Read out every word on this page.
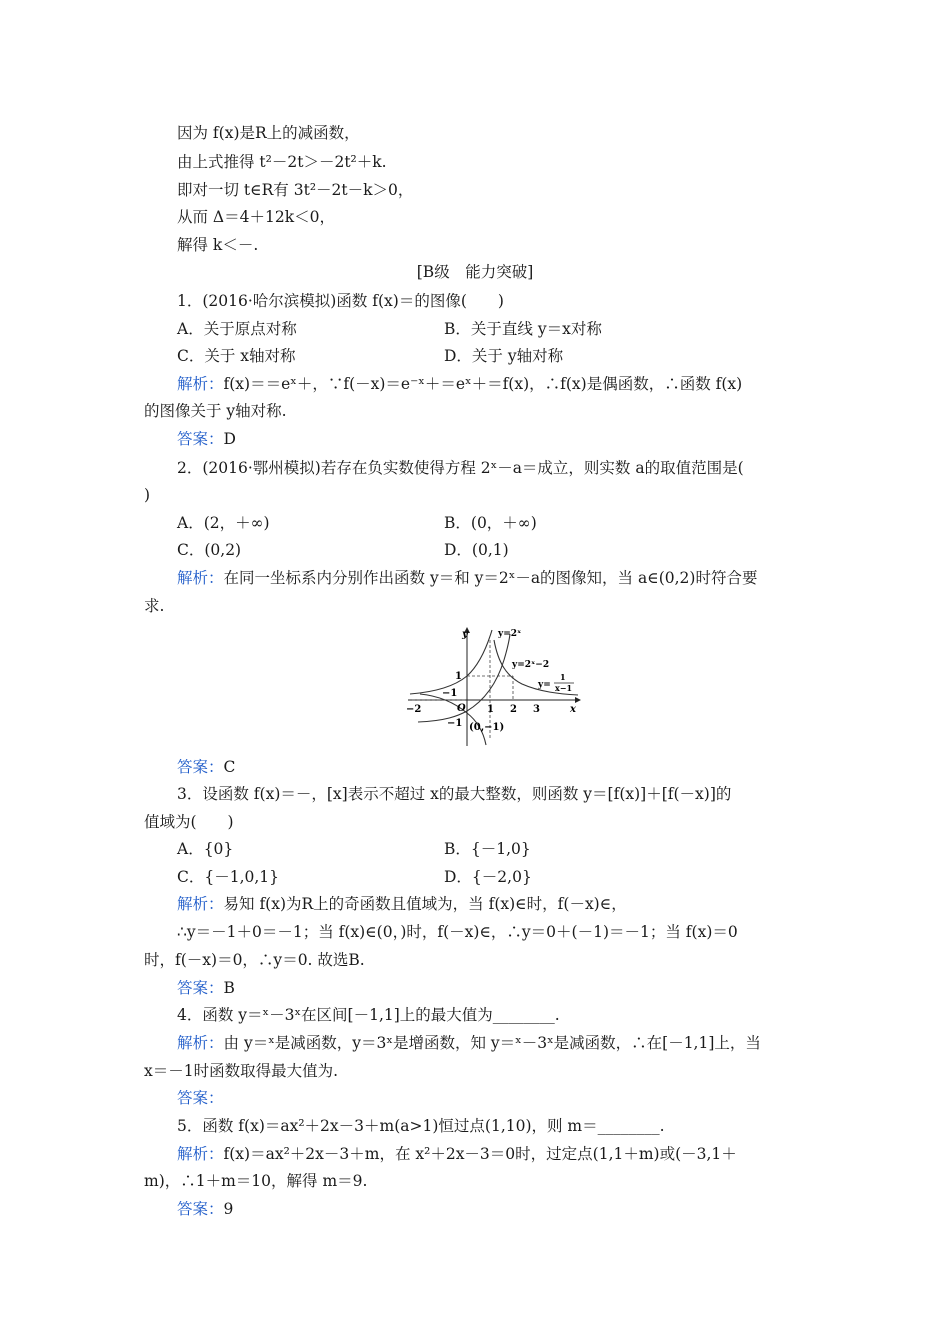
因为 f(x)是R上的减函数，
由上式推得 t²－2t＞－2t²＋k.
即对一切 t∈R有 3t²－2t－k＞0，
从而 Δ＝4＋12k＜0，
解得 k＜－.
[B级　能力突破]
1．(2016·哈尔滨模拟)函数 f(x)＝的图像(　　)
A．关于原点对称	B．关于直线 y＝x对称
C．关于 x轴对称	D．关于 y轴对称
解析：f(x)＝＝eˣ＋，∵f(－x)＝e⁻ˣ＋＝eˣ＋＝f(x)，∴f(x)是偶函数，∴函数 f(x)
的图像关于 y轴对称.
答案：D
2．(2016·鄂州模拟)若存在负实数使得方程 2ˣ－a＝成立，则实数 a的取值范围是(
)
A．(2，＋∞)	B．(0，＋∞)
C．(0,2)	D．(0,1)
解析：在同一坐标系内分别作出函数 y＝和 y＝2ˣ－a的图像知，当 a∈(0,2)时符合要
求.
y
x
O
y=2ˣ
y=2ˣ−2
y=
1
x−1
−2	1 2 3
1
−1
−1 (0,−1)
答案：C
3．设函数 f(x)＝－，[x]表示不超过 x的最大整数，则函数 y＝[f(x)]＋[f(－x)]的
值域为(　　)
A．{0}	B．{－1,0}
C．{－1,0,1}	D．{－2,0}
解析：易知 f(x)为R上的奇函数且值域为，当 f(x)∈时，f(－x)∈，
∴y＝－1＋0＝－1；当 f(x)∈(0，)时，f(－x)∈，∴y＝0＋(－1)＝－1；当 f(x)＝0
时，f(－x)＝0，∴y＝0. 故选B.
答案：B
4．函数 y＝ˣ－3ˣ在区间[－1,1]上的最大值为________.
解析：由 y＝ˣ是减函数，y＝3ˣ是增函数，知 y＝ˣ－3ˣ是减函数，∴在[－1,1]上，当
x＝－1时函数取得最大值为.
答案：
5．函数 f(x)＝ax²＋2x－3＋m(a>1)恒过点(1,10)，则 m＝________.
解析：f(x)＝ax²＋2x－3＋m，在 x²＋2x－3＝0时，过定点(1,1＋m)或(－3,1＋
m)，∴1＋m＝10，解得 m＝9.
答案：9
